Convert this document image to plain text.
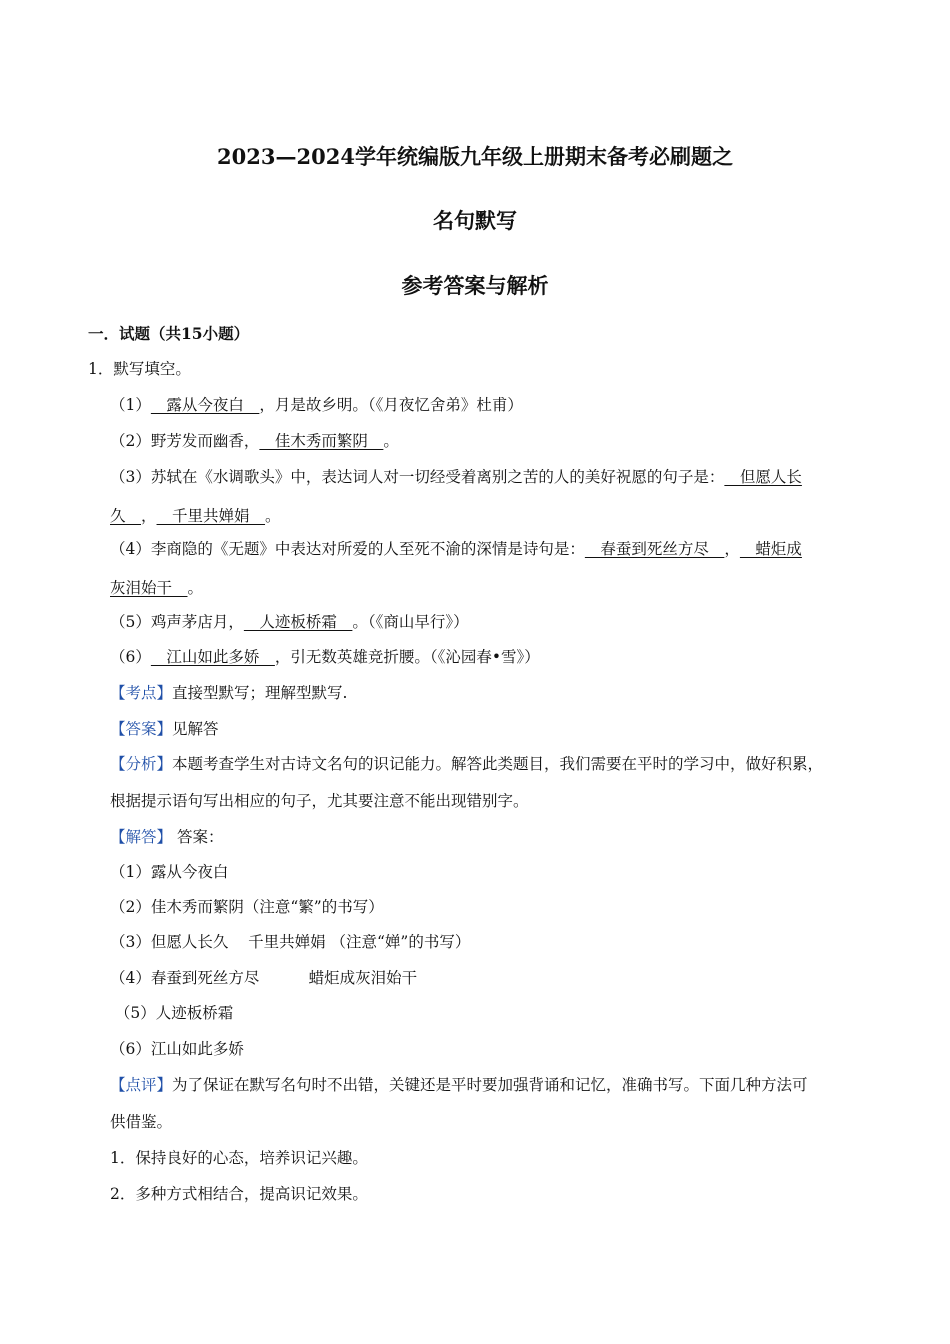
2023—2024学年统编版九年级上册期末备考必刷题之
名句默写
参考答案与解析
一．试题（共15小题）
1．默写填空。
（1）  露从今夜白  ，月是故乡明。（《月夜忆舍弟》杜甫）
（2）野芳发而幽香，  佳木秀而繁阴  。
（3）苏轼在《水调歌头》中，表达词人对一切经受着离别之苦的人的美好祝愿的句子是：  但愿人长
久  ，  千里共婵娟  。
（4）李商隐的《无题》中表达对所爱的人至死不渝的深情是诗句是：  春蚕到死丝方尽  ，  蜡炬成
灰泪始干  。
（5）鸡声茅店月，  人迹板桥霜  。（《商山早行》）
（6）  江山如此多娇  ，引无数英雄竞折腰。（《沁园春•雪》）
【考点】直接型默写；理解型默写.
【答案】见解答
【分析】本题考查学生对古诗文名句的识记能力。解答此类题目，我们需要在平时的学习中，做好积累，
根据提示语句写出相应的句子，尤其要注意不能出现错别字。
【解答】 答案：
（1）露从今夜白
（2）佳木秀而繁阴（注意“繁”的书写）
（3）但愿人长久    千里共婵娟 （注意“婵”的书写）
（4）春蚕到死丝方尽          蜡炬成灰泪始干
（5）人迹板桥霜
（6）江山如此多娇
【点评】为了保证在默写名句时不出错，关键还是平时要加强背诵和记忆，准确书写。下面几种方法可
供借鉴。
1．保持良好的心态，培养识记兴趣。
2．多种方式相结合，提高识记效果。
